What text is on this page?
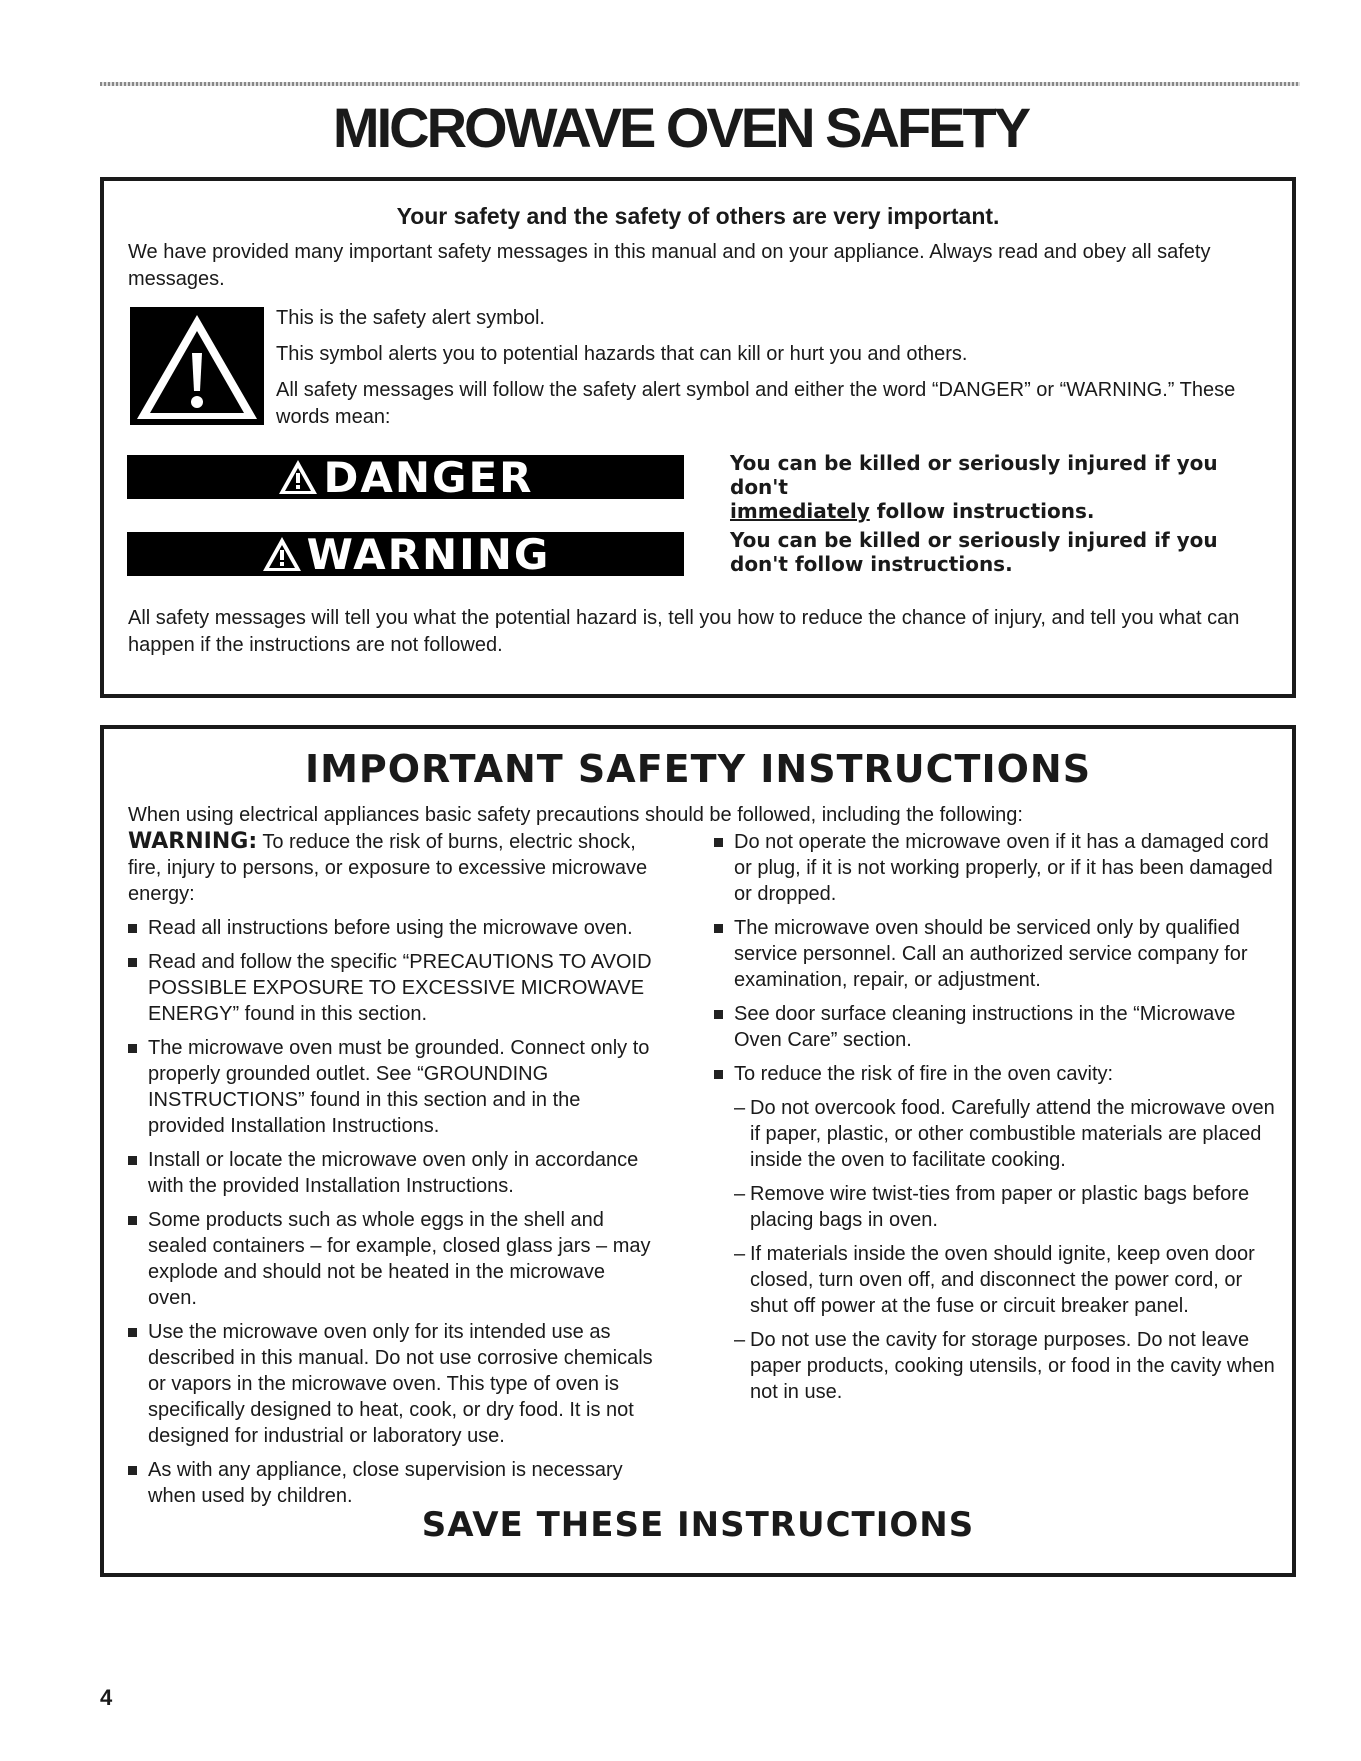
MICROWAVE OVEN SAFETY
Your safety and the safety of others are very important.
We have provided many important safety messages in this manual and on your appliance. Always read and obey all safety messages.
This is the safety alert symbol.
This symbol alerts you to potential hazards that can kill or hurt you and others.
All safety messages will follow the safety alert symbol and either the word “DANGER” or “WARNING.” These words mean:
DANGER	You can be killed or seriously injured if you don't
immediately follow instructions.
WARNING	You can be killed or seriously injured if you don't follow instructions.
All safety messages will tell you what the potential hazard is, tell you how to reduce the chance of injury, and tell you what can happen if the instructions are not followed.
IMPORTANT SAFETY INSTRUCTIONS
When using electrical appliances basic safety precautions should be followed, including the following:
WARNING: To reduce the risk of burns, electric shock, fire, injury to persons, or exposure to excessive microwave energy:
Read all instructions before using the microwave oven.
Read and follow the specific “PRECAUTIONS TO AVOID POSSIBLE EXPOSURE TO EXCESSIVE MICROWAVE ENERGY” found in this section.
The microwave oven must be grounded. Connect only to properly grounded outlet. See “GROUNDING INSTRUCTIONS” found in this section and in the provided Installation Instructions.
Install or locate the microwave oven only in accordance with the provided Installation Instructions.
Some products such as whole eggs in the shell and sealed containers – for example, closed glass jars – may explode and should not be heated in the microwave oven.
Use the microwave oven only for its intended use as described in this manual. Do not use corrosive chemicals or vapors in the microwave oven. This type of oven is specifically designed to heat, cook, or dry food. It is not designed for industrial or laboratory use.
As with any appliance, close supervision is necessary when used by children.
Do not operate the microwave oven if it has a damaged cord or plug, if it is not working properly, or if it has been damaged or dropped.
The microwave oven should be serviced only by qualified service personnel. Call an authorized service company for examination, repair, or adjustment.
See door surface cleaning instructions in the “Microwave Oven Care” section.
To reduce the risk of fire in the oven cavity:
– Do not overcook food. Carefully attend the microwave oven if paper, plastic, or other combustible materials are placed inside the oven to facilitate cooking.
– Remove wire twist-ties from paper or plastic bags before placing bags in oven.
– If materials inside the oven should ignite, keep oven door closed, turn oven off, and disconnect the power cord, or shut off power at the fuse or circuit breaker panel.
– Do not use the cavity for storage purposes. Do not leave paper products, cooking utensils, or food in the cavity when not in use.
SAVE THESE INSTRUCTIONS
4
